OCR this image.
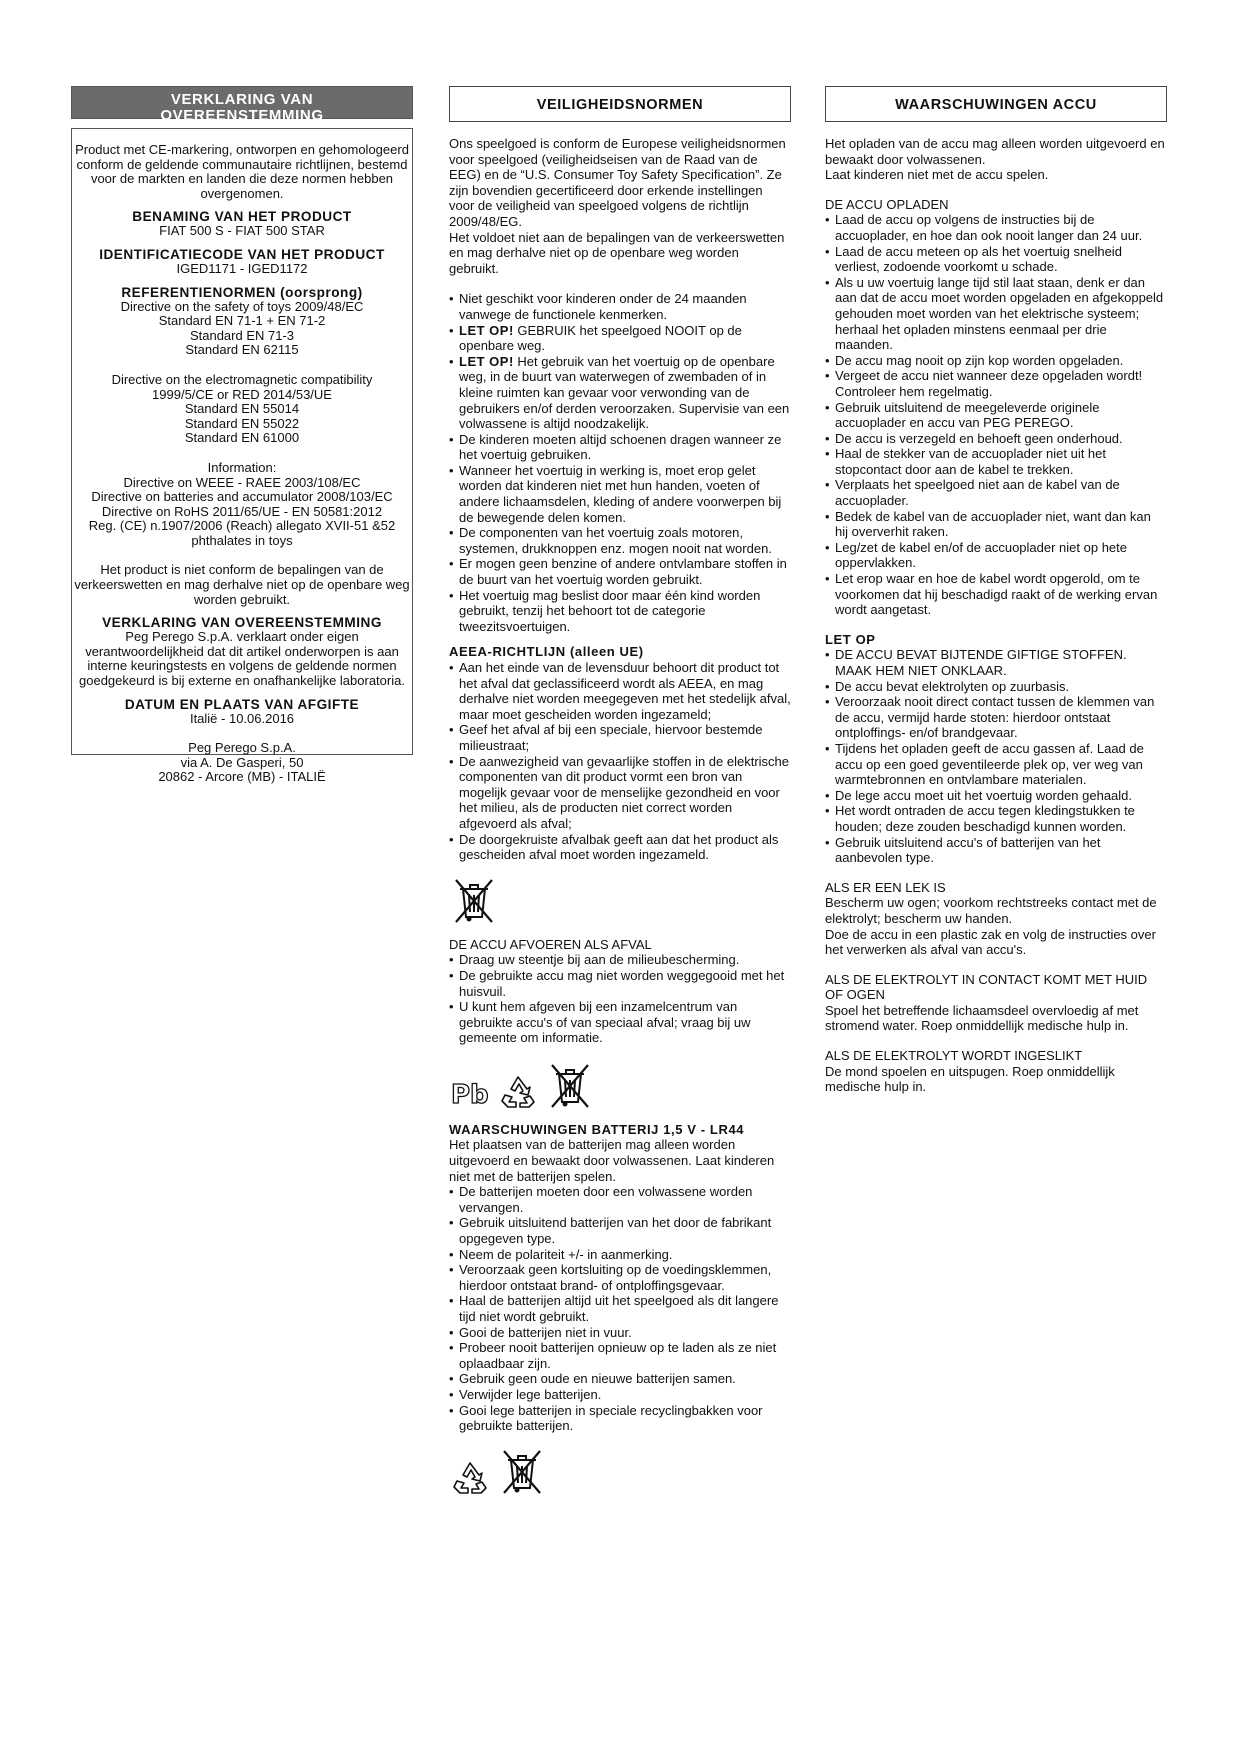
VERKLARING VAN
OVEREENSTEMMING

Product met CE-markering, ontworpen en gehomologeerd conform de geldende communautaire richtlijnen, bestemd voor de markten en landen die deze normen hebben overgenomen.

BENAMING VAN HET PRODUCT

FIAT 500 S - FIAT 500 STAR

IDENTIFICATIECODE VAN HET PRODUCT

IGED1171 - IGED1172

REFERENTIENORMEN (oorsprong)

Directive on the safety of toys 2009/48/EC

Standard EN 71-1 + EN 71-2

Standard EN 71-3

Standard EN 62115

Directive on the electromagnetic compatibility

1999/5/CE or RED 2014/53/UE

Standard EN 55014

Standard EN 55022

Standard EN 61000

Information:

Directive on WEEE - RAEE 2003/108/EC

Directive on batteries and accumulator 2008/103/EC

Directive on RoHS 2011/65/UE - EN 50581:2012

Reg. (CE) n.1907/2006 (Reach) allegato XVII-51 &52

phthalates in toys

Het product is niet conform de bepalingen van de verkeerswetten en mag derhalve niet op de openbare weg worden gebruikt.

VERKLARING VAN OVEREENSTEMMING

Peg Perego S.p.A. verklaart onder eigen verantwoordelijkheid dat dit artikel onderworpen is aan interne keuringstests en volgens de geldende normen goedgekeurd is bij externe en onafhankelijke laboratoria.

DATUM EN PLAATS VAN AFGIFTE

Italië - 10.06.2016

Peg Perego S.p.A.

via A. De Gasperi, 50

20862 - Arcore (MB) - ITALIË

VEILIGHEIDSNORMEN

Ons speelgoed is conform de Europese veiligheidsnormen voor speelgoed (veiligheidseisen van de Raad van de EEG) en de “U.S. Consumer Toy Safety Specification”. Ze zijn bovendien gecertificeerd door erkende instellingen voor de veiligheid van speelgoed volgens de richtlijn 2009/48/EG.

Het voldoet niet aan de bepalingen van de verkeerswetten en mag derhalve niet op de openbare weg worden gebruikt.

• Niet geschikt voor kinderen onder de 24 maanden vanwege de functionele kenmerken.
• LET OP! GEBRUIK het speelgoed NOOIT op de openbare weg.
• LET OP! Het gebruik van het voertuig op de openbare weg, in de buurt van waterwegen of zwembaden of in kleine ruimten kan gevaar voor verwonding van de gebruikers en/of derden veroorzaken. Supervisie van een volwassene is altijd noodzakelijk.
• De kinderen moeten altijd schoenen dragen wanneer ze het voertuig gebruiken.
• Wanneer het voertuig in werking is, moet erop gelet worden dat kinderen niet met hun handen, voeten of andere lichaamsdelen, kleding of andere voorwerpen bij de bewegende delen komen.
• De componenten van het voertuig zoals motoren, systemen, drukknoppen enz. mogen nooit nat worden.
• Er mogen geen benzine of andere ontvlambare stoffen in de buurt van het voertuig worden gebruikt.
• Het voertuig mag beslist door maar één kind worden gebruikt, tenzij het behoort tot de categorie tweezitsvoertuigen.
AEEA-RICHTLIJN (alleen UE)
• Aan het einde van de levensduur behoort dit product tot het afval dat geclassificeerd wordt als AEEA, en mag derhalve niet worden meegegeven met het stedelijk afval, maar moet gescheiden worden ingezameld;
• Geef het afval af bij een speciale, hiervoor bestemde milieustraat;
• De aanwezigheid van gevaarlijke stoffen in de elektrische componenten van dit product vormt een bron van mogelijk gevaar voor de menselijke gezondheid en voor het milieu, als de producten niet correct worden afgevoerd als afval;
• De doorgekruiste afvalbak geeft aan dat het product als gescheiden afval moet worden ingezameld.

DE ACCU AFVOEREN ALS AFVAL

• Draag uw steentje bij aan de milieubescherming.
• De gebruikte accu mag niet worden weggegooid met het huisvuil.
• U kunt hem afgeven bij een inzamelcentrum van gebruikte accu's of van speciaal afval; vraag bij uw gemeente om informatie.
Pb
WAARSCHUWINGEN BATTERIJ 1,5 V - LR44

Het plaatsen van de batterijen mag alleen worden uitgevoerd en bewaakt door volwassenen. Laat kinderen niet met de batterijen spelen.

• De batterijen moeten door een volwassene worden vervangen.
• Gebruik uitsluitend batterijen van het door de fabrikant opgegeven type.
• Neem de polariteit +/- in aanmerking.
• Veroorzaak geen kortsluiting op de voedingsklemmen, hierdoor ontstaat brand- of ontploffingsgevaar.
• Haal de batterijen altijd uit het speelgoed als dit langere tijd niet wordt gebruikt.
• Gooi de batterijen niet in vuur.
• Probeer nooit batterijen opnieuw op te laden als ze niet oplaadbaar zijn.
• Gebruik geen oude en nieuwe batterijen samen.
• Verwijder lege batterijen.
• Gooi lege batterijen in speciale recyclingbakken voor gebruikte batterijen.
WAARSCHUWINGEN ACCU

Het opladen van de accu mag alleen worden uitgevoerd en bewaakt door volwassenen.

Laat kinderen niet met de accu spelen.

DE ACCU OPLADEN

• Laad de accu op volgens de instructies bij de accuoplader, en hoe dan ook nooit langer dan 24 uur.
• Laad de accu meteen op als het voertuig snelheid verliest, zodoende voorkomt u schade.
• Als u uw voertuig lange tijd stil laat staan, denk er dan aan dat de accu moet worden opgeladen en afgekoppeld gehouden moet worden van het elektrische systeem; herhaal het opladen minstens eenmaal per drie maanden.
• De accu mag nooit op zijn kop worden opgeladen.
• Vergeet de accu niet wanneer deze opgeladen wordt! Controleer hem regelmatig.
• Gebruik uitsluitend de meegeleverde originele accuoplader en accu van PEG PEREGO.
• De accu is verzegeld en behoeft geen onderhoud.
• Haal de stekker van de accuoplader niet uit het stopcontact door aan de kabel te trekken.
• Verplaats het speelgoed niet aan de kabel van de accuoplader.
• Bedek de kabel van de accuoplader niet, want dan kan hij oververhit raken.
• Leg/zet de kabel en/of de accuoplader niet op hete oppervlakken.
• Let erop waar en hoe de kabel wordt opgerold, om te voorkomen dat hij beschadigd raakt of de werking ervan wordt aangetast.
LET OP
• DE ACCU BEVAT BIJTENDE GIFTIGE STOFFEN. MAAK HEM NIET ONKLAAR.
• De accu bevat elektrolyten op zuurbasis.
• Veroorzaak nooit direct contact tussen de klemmen van de accu, vermijd harde stoten: hierdoor ontstaat ontploffings- en/of brandgevaar.
• Tijdens het opladen geeft de accu gassen af. Laad de accu op een goed geventileerde plek op, ver weg van warmtebronnen en ontvlambare materialen.
• De lege accu moet uit het voertuig worden gehaald.
• Het wordt ontraden de accu tegen kledingstukken te houden; deze zouden beschadigd kunnen worden.
• Gebruik uitsluitend accu's of batterijen van het aanbevolen type.

ALS ER EEN LEK IS

Bescherm uw ogen; voorkom rechtstreeks contact met de elektrolyt; bescherm uw handen.

Doe de accu in een plastic zak en volg de instructies over het verwerken als afval van accu's.

ALS DE ELEKTROLYT IN CONTACT KOMT MET HUID OF OGEN

Spoel het betreffende lichaamsdeel overvloedig af met stromend water. Roep onmiddellijk medische hulp in.

ALS DE ELEKTROLYT WORDT INGESLIKT

De mond spoelen en uitspugen. Roep onmiddellijk medische hulp in.
